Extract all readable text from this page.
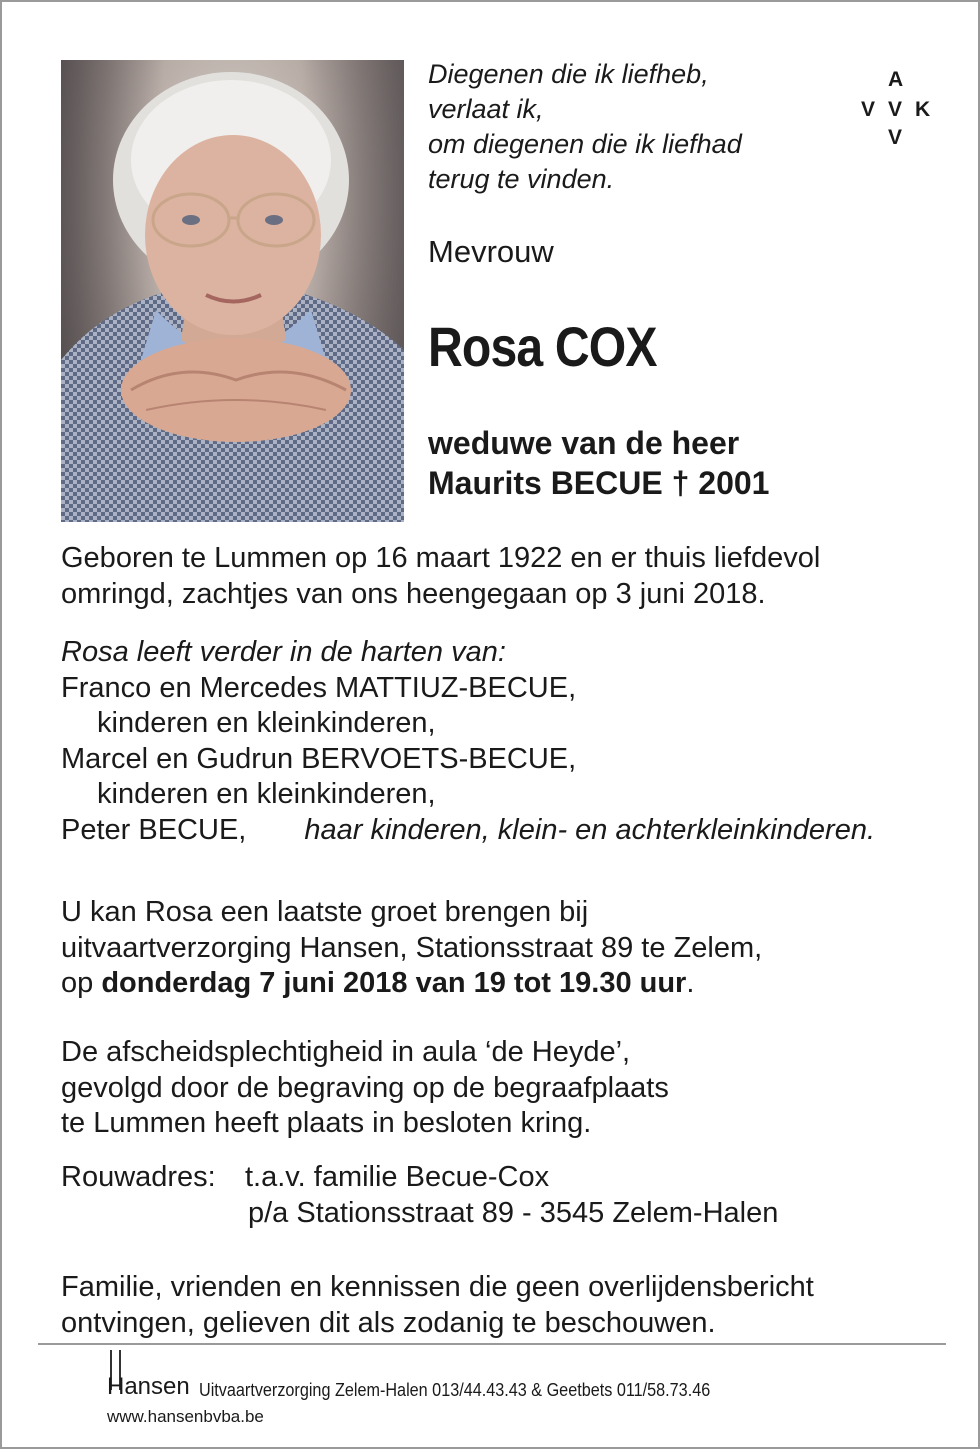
Diegenen die ik liefheb,
verlaat ik,
om diegenen die ik liefhad
terug te vinden.
A
V V K
V
Mevrouw
Rosa COX
weduwe van de heer
Maurits BECUE † 2001
Geboren te Lummen op 16 maart 1922 en er thuis liefdevol
omringd, zachtjes van ons heengegaan op 3 juni 2018.
Rosa leeft verder in de harten van:
Franco en Mercedes MATTIUZ-BECUE,
kinderen en kleinkinderen,
Marcel en Gudrun BERVOETS-BECUE,
kinderen en kleinkinderen,
Peter BECUE, haar kinderen, klein- en achterkleinkinderen.
U kan Rosa een laatste groet brengen bij
uitvaartverzorging Hansen, Stationsstraat 89 te Zelem,
op donderdag 7 juni 2018 van 19 tot 19.30 uur.
De afscheidsplechtigheid in aula ‘de Heyde’,
gevolgd door de begraving op de begraafplaats
te Lummen heeft plaats in besloten kring.
Rouwadres: t.a.v. familie Becue-Cox
p/a Stationsstraat 89 - 3545 Zelem-Halen
Familie, vrienden en kennissen die geen overlijdensbericht
ontvingen, gelieven dit als zodanig te beschouwen.
Hansen Uitvaartverzorging Zelem-Halen 013/44.43.43 & Geetbets 011/58.73.46
www.hansenbvba.be
